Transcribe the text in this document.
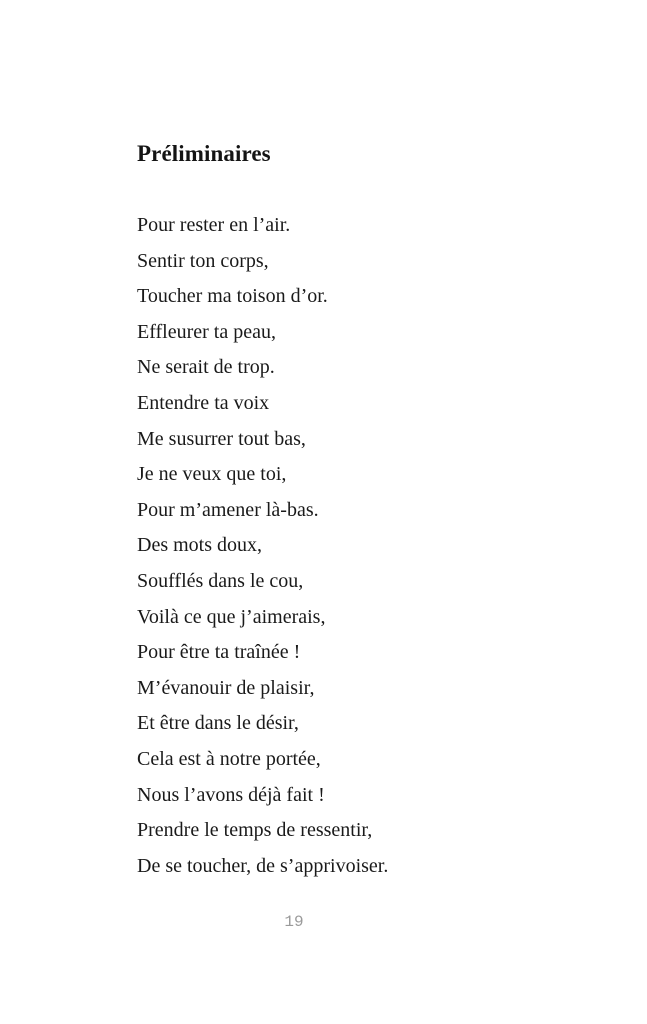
Préliminaires
Pour rester en l’air.
Sentir ton corps,
Toucher ma toison d’or.
Effleurer ta peau,
Ne serait de trop.
Entendre ta voix
Me susurrer tout bas,
Je ne veux que toi,
Pour m’amener là-bas.
Des mots doux,
Soufflés dans le cou,
Voilà ce que j’aimerais,
Pour être ta traînée !
M’évanouir de plaisir,
Et être dans le désir,
Cela est à notre portée,
Nous l’avons déjà fait !
Prendre le temps de ressentir,
De se toucher, de s’apprivoiser.
19
